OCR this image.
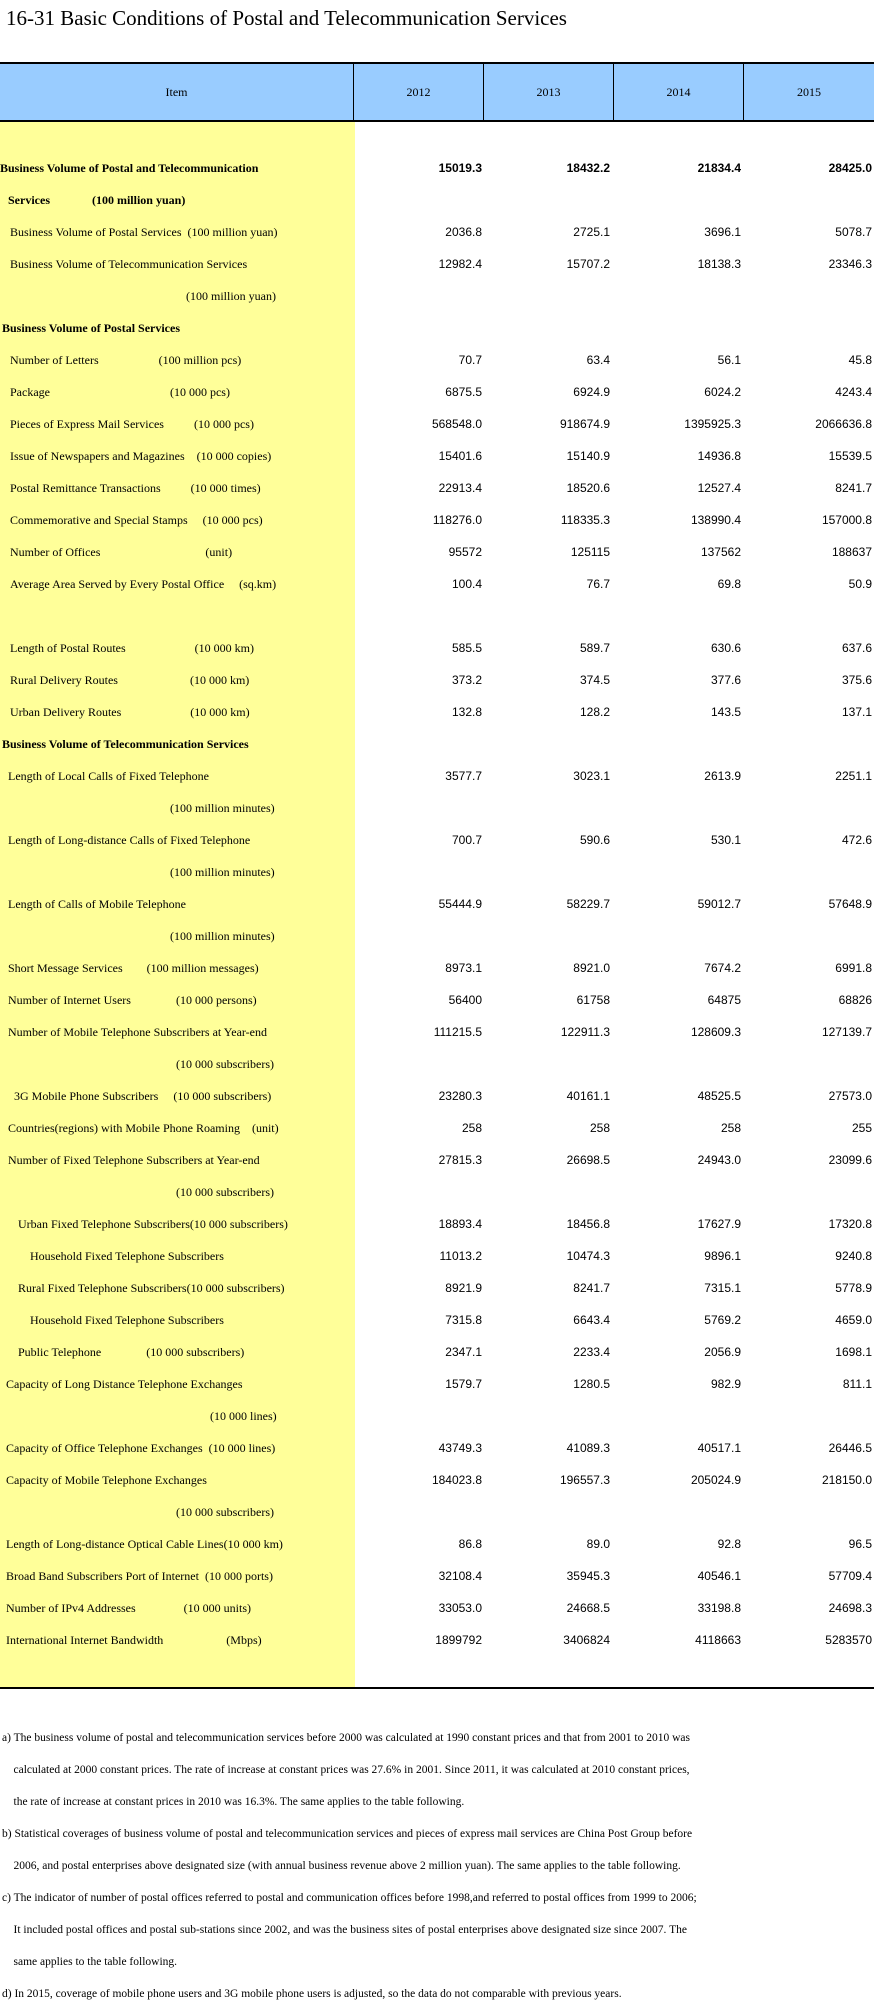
16-31 Basic Conditions of Postal and Telecommunication Services
Item	2012	2013	2014	2015
Business Volume of Postal and Telecommunication	15019.3	18432.2	21834.4	28425.0
Services              (100 million yuan)
Business Volume of Postal Services  (100 million yuan)	2036.8	2725.1	3696.1	5078.7
Business Volume of Telecommunication Services	12982.4	15707.2	18138.3	23346.3
(100 million yuan)
Business Volume of Postal Services
Number of Letters                    (100 million pcs)	70.7	63.4	56.1	45.8
Package                                        (10 000 pcs)	6875.5	6924.9	6024.2	4243.4
Pieces of Express Mail Services          (10 000 pcs)	568548.0	918674.9	1395925.3	2066636.8
Issue of Newspapers and Magazines    (10 000 copies)	15401.6	15140.9	14936.8	15539.5
Postal Remittance Transactions          (10 000 times)	22913.4	18520.6	12527.4	8241.7
Commemorative and Special Stamps     (10 000 pcs)	118276.0	118335.3	138990.4	157000.8
Number of Offices                                   (unit)	95572	125115	137562	188637
Average Area Served by Every Postal Office     (sq.km)	100.4	76.7	69.8	50.9
Length of Postal Routes                       (10 000 km)	585.5	589.7	630.6	637.6
Rural Delivery Routes                        (10 000 km)	373.2	374.5	377.6	375.6
Urban Delivery Routes                       (10 000 km)	132.8	128.2	143.5	137.1
Business Volume of Telecommunication Services
Length of Local Calls of Fixed Telephone	3577.7	3023.1	2613.9	2251.1
(100 million minutes)
Length of Long-distance Calls of Fixed Telephone	700.7	590.6	530.1	472.6
(100 million minutes)
Length of Calls of Mobile Telephone	55444.9	58229.7	59012.7	57648.9
(100 million minutes)
Short Message Services        (100 million messages)	8973.1	8921.0	7674.2	6991.8
Number of Internet Users               (10 000 persons)	56400	61758	64875	68826
Number of Mobile Telephone Subscribers at Year-end	111215.5	122911.3	128609.3	127139.7
(10 000 subscribers)
3G Mobile Phone Subscribers     (10 000 subscribers)	23280.3	40161.1	48525.5	27573.0
Countries(regions) with Mobile Phone Roaming    (unit)	258	258	258	255
Number of Fixed Telephone Subscribers at Year-end	27815.3	26698.5	24943.0	23099.6
(10 000 subscribers)
Urban Fixed Telephone Subscribers(10 000 subscribers)	18893.4	18456.8	17627.9	17320.8
Household Fixed Telephone Subscribers	11013.2	10474.3	9896.1	9240.8
Rural Fixed Telephone Subscribers(10 000 subscribers)	8921.9	8241.7	7315.1	5778.9
Household Fixed Telephone Subscribers	7315.8	6643.4	5769.2	4659.0
Public Telephone               (10 000 subscribers)	2347.1	2233.4	2056.9	1698.1
Capacity of Long Distance Telephone Exchanges	1579.7	1280.5	982.9	811.1
(10 000 lines)
Capacity of Office Telephone Exchanges  (10 000 lines)	43749.3	41089.3	40517.1	26446.5
Capacity of Mobile Telephone Exchanges	184023.8	196557.3	205024.9	218150.0
(10 000 subscribers)
Length of Long-distance Optical Cable Lines(10 000 km)	86.8	89.0	92.8	96.5
Broad Band Subscribers Port of Internet  (10 000 ports)	32108.4	35945.3	40546.1	57709.4
Number of IPv4 Addresses                (10 000 units)	33053.0	24668.5	33198.8	24698.3
International Internet Bandwidth                     (Mbps)	1899792	3406824	4118663	5283570
a) The business volume of postal and telecommunication services before 2000 was calculated at 1990 constant prices and that from 2001 to 2010 was
calculated at 2000 constant prices. The rate of increase at constant prices was 27.6% in 2001. Since 2011, it was calculated at 2010 constant prices,
the rate of increase at constant prices in 2010 was 16.3%. The same applies to the table following.
b) Statistical coverages of business volume of postal and telecommunication services and pieces of express mail services are China Post Group before
2006, and postal enterprises above designated size (with annual business revenue above 2 million yuan). The same applies to the table following.
c) The indicator of number of postal offices referred to postal and communication offices before 1998,and referred to postal offices from 1999 to 2006;
It included postal offices and postal sub-stations since 2002, and was the business sites of postal enterprises above designated size since 2007. The
same applies to the table following.
d) In 2015, coverage of mobile phone users and 3G mobile phone users is adjusted, so the data do not comparable with previous years.
